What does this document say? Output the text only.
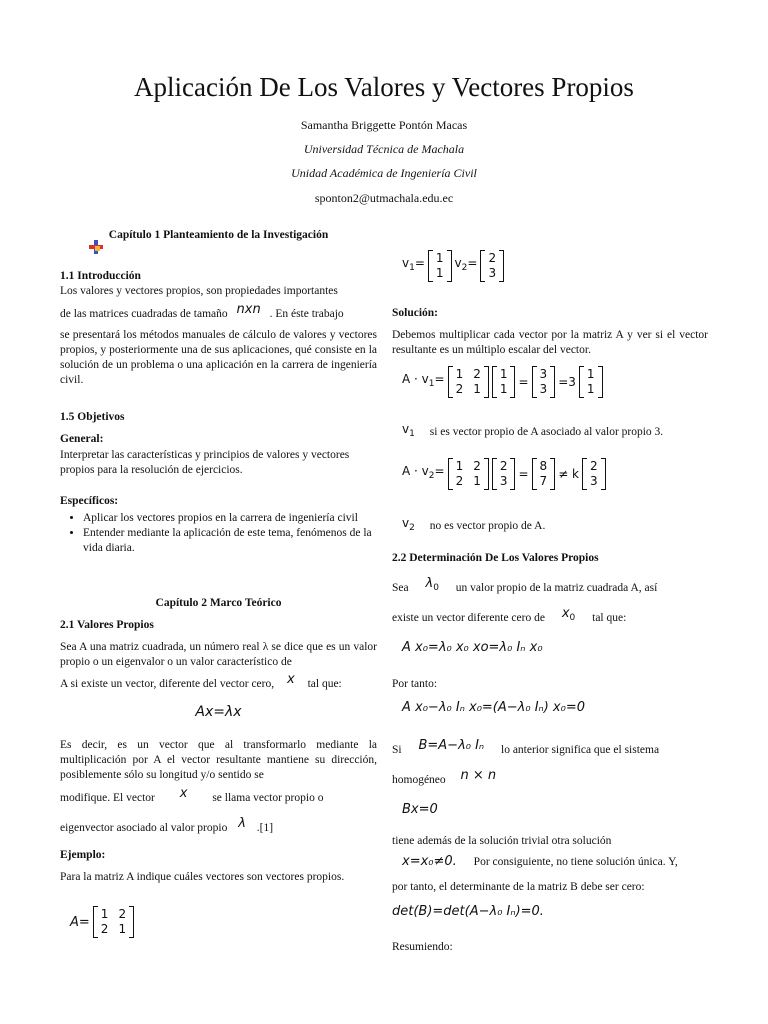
Aplicación De Los Valores y Vectores Propios
Samantha Briggette Pontón Macas
Universidad Técnica de Machala
Unidad Académica de Ingeniería Civil
sponton2@utmachala.edu.ec
Capítulo 1 Planteamiento de la Investigación
1.1 Introducción
Los valores y vectores propios, son propiedades importantes
de las matrices cuadradas de tamaño nxn . En éste trabajo
se presentará los métodos manuales de cálculo de valores y vectores propios, y posteriormente una de sus aplicaciones, qué consiste en la solución de un problema o una aplicación en la carrera de ingeniería civil.
1.5 Objetivos
General:
Interpretar las características y principios de valores y vectores propios para la resolución de ejercicios.
Específicos:
• Aplicar los vectores propios en la carrera de ingeniería civil
• Entender mediante la aplicación de este tema, fenómenos de la vida diaria.
Capítulo 2 Marco Teórico
2.1 Valores Propios
Sea A una matriz cuadrada, un número real λ se dice que es un valor propio o un eigenvalor o un valor característico de
A si existe un vector, diferente del vector cero, x tal que:
Ax=λx
Es decir, es un vector que al transformarlo mediante la multiplicación por A el vector resultante mantiene su dirección, posiblemente sólo su longitud y/o sentido se
modifique. El vector x se llama vector propio o
eigenvector asociado al valor propio λ .[1]
Ejemplo:
Para la matriz A indique cuáles vectores son vectores propios.
A=
1 2
2 1
$v_1= 1$
1
$v_2= 2$
3
Solución:
Debemos multiplicar cada vector por la matriz A y ver si el vector resultante es un múltiplo escalar del vector.
$A \cdot v_1= 1$ 2
2 1
1
1
=
3
3
=3
1
1
$v_1$ si es vector propio de A asociado al valor propio 3.
$A \cdot v_2= 1$ 2
2 1
2
3
=
8
7
≠ k
2
3
$v_2$ no es vector propio de A.
2.2 Determinación De Los Valores Propios
Sea $\lambda_0$ un valor propio de la matriz cuadrada A, así
existe un vector diferente cero de $x_0$ tal que:
A x₀=λ₀ x₀ xo=λ₀ Iₙ x₀
Por tanto:
A x₀−λ₀ Iₙ x₀=(A−λ₀ Iₙ) x₀=0
Si B=A−λ₀ Iₙ lo anterior significa que el sistema
homogéneo n × n
Bx=0
tiene además de la solución trivial otra solución
x=x₀≠0. Por consiguiente, no tiene solución única. Y,
por tanto, el determinante de la matriz B debe ser cero:
det(B)=det(A−λ₀ Iₙ)=0.
Resumiendo:
